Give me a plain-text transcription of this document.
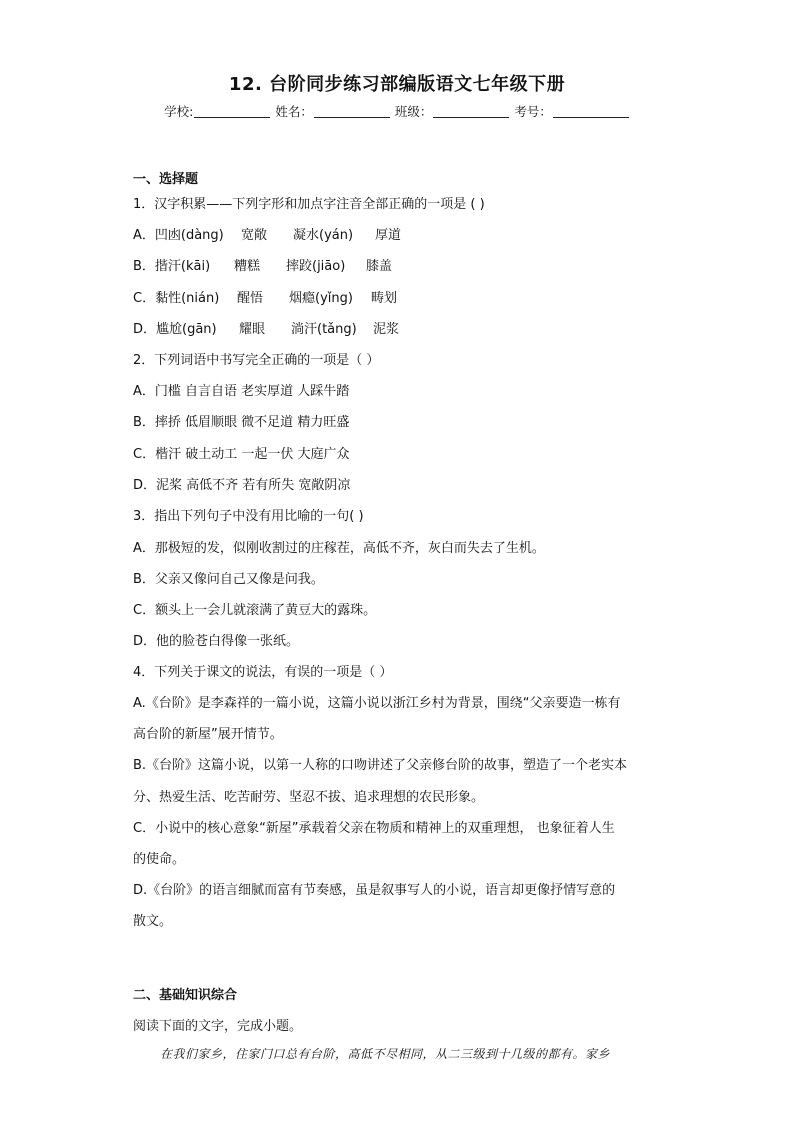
12. 台阶同步练习部编版语文七年级下册
学校:	姓名：	班级：	考号：
一、选择题
1．汉字积累——下列字形和加点字注音全部正确的一项是 ( )
A．凹凼(dàng) 宽敞 凝水(yán) 厚道
B．揩汗(kāi) 糟糕 摔跤(jiāo) 膝盖
C．黏性(nián) 醒悟 烟瘾(yǐng) 畴划
D．尴尬(gān) 耀眼 淌汗(tǎng) 泥浆
2．下列词语中书写完全正确的一项是（ ）
A．门槛 自言自语 老实厚道 人踩牛踏
B．摔挢 低眉顺眼 微不足道 精力旺盛
C．楷汗 破土动工 一起一伏 大庭广众
D．泥桨 高低不齐 若有所失 宽敞阴凉
3．指出下列句子中没有用比喻的一句( )
A．那极短的发，似刚收割过的庄稼茬，高低不齐，灰白而失去了生机。
B．父亲又像问自己又像是问我。
C．额头上一会儿就滚满了黄豆大的露珠。
D．他的脸苍白得像一张纸。
4．下列关于课文的说法，有误的一项是（ ）
A.《台阶》是李森祥的一篇小说，这篇小说以浙江乡村为背景，围绕“父亲要造一栋有
高台阶的新屋”展开情节。
B.《台阶》这篇小说，以第一人称的口吻讲述了父亲修台阶的故事，塑造了一个老实本
分、热爱生活、吃苦耐劳、坚忍不拔、追求理想的农民形象。
C．小说中的核心意象“新屋”承载着父亲在物质和精神上的双重理想， 也象征着人生
的使命。
D.《台阶》的语言细腻而富有节奏感，虽是叙事写人的小说，语言却更像抒情写意的
散文。
二、基础知识综合
阅读下面的文字，完成小题。
在我们家乡，住家门口总有台阶，高低不尽相同，从二三级到十几级的都有。家乡
